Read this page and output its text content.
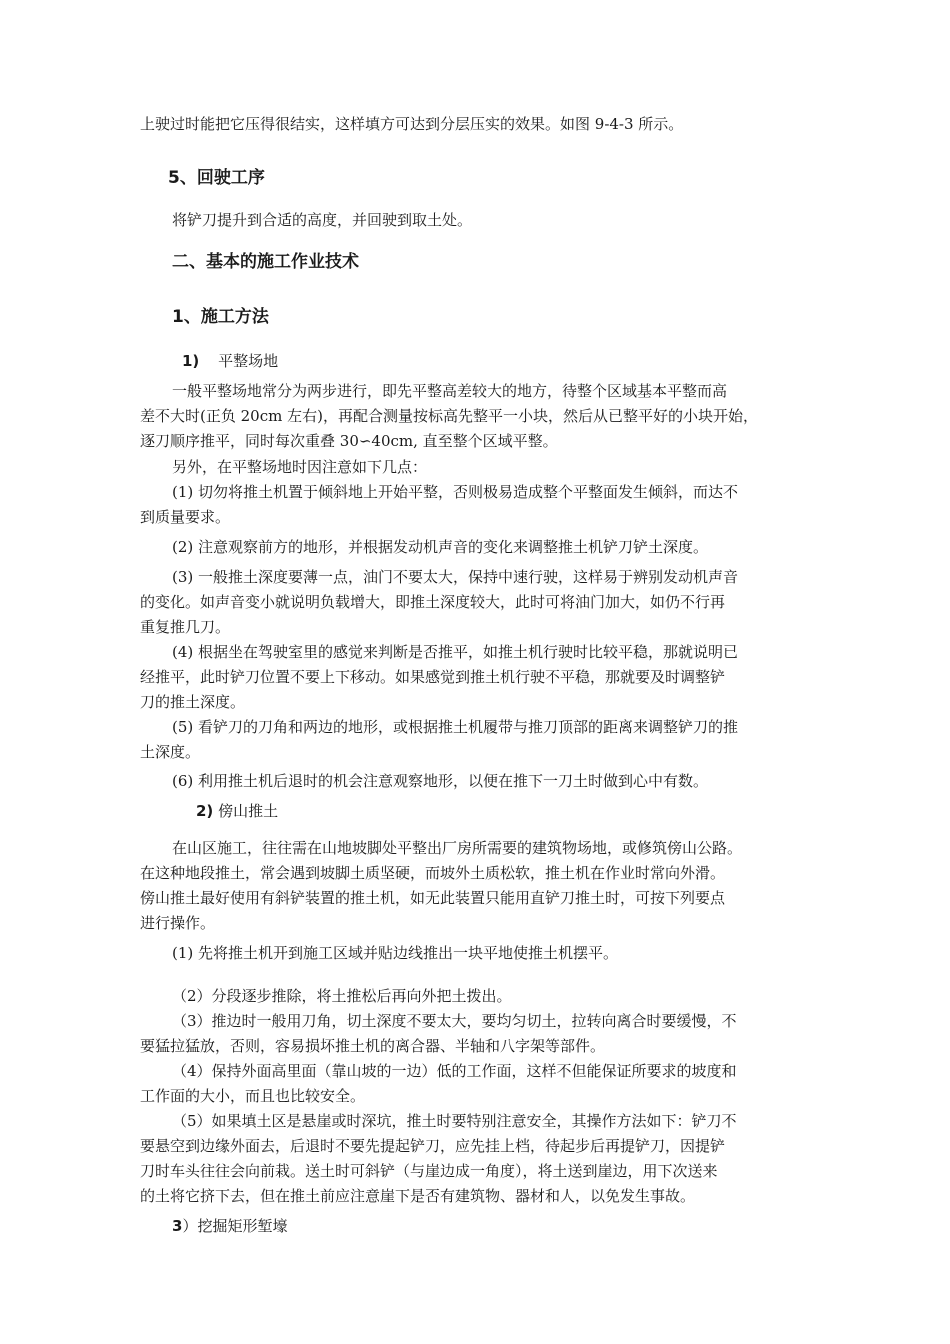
上驶过时能把它压得很结实，这样填方可达到分层压实的效果。如图 9-4-3 所示。
5、回驶工序
将铲刀提升到合适的高度，并回驶到取土处。
二、基本的施工作业技术
1、施工方法
1) 平整场地
一般平整场地常分为两步进行，即先平整高差较大的地方，待整个区域基本平整而高
差不大时(正负 20cm 左右)，再配合测量按标高先整平一小块，然后从已整平好的小块开始，
逐刀顺序推平，同时每次重叠 30∽40cm, 直至整个区域平整。
另外，在平整场地时因注意如下几点：
(1) 切勿将推土机置于倾斜地上开始平整，否则极易造成整个平整面发生倾斜，而达不
到质量要求。
(2) 注意观察前方的地形，并根据发动机声音的变化来调整推土机铲刀铲土深度。
(3) 一般推土深度要薄一点，油门不要太大，保持中速行驶，这样易于辨别发动机声音
的变化。如声音变小就说明负载增大，即推土深度较大，此时可将油门加大，如仍不行再
重复推几刀。
(4) 根据坐在驾驶室里的感觉来判断是否推平，如推土机行驶时比较平稳，那就说明已
经推平，此时铲刀位置不要上下移动。如果感觉到推土机行驶不平稳，那就要及时调整铲
刀的推土深度。
(5) 看铲刀的刀角和两边的地形，或根据推土机履带与推刀顶部的距离来调整铲刀的推
土深度。
(6) 利用推土机后退时的机会注意观察地形，以便在推下一刀土时做到心中有数。
2) 傍山推土
在山区施工，往往需在山地坡脚处平整出厂房所需要的建筑物场地，或修筑傍山公路。
在这种地段推土，常会遇到坡脚土质坚硬，而坡外土质松软，推土机在作业时常向外滑。
傍山推土最好使用有斜铲装置的推土机，如无此装置只能用直铲刀推土时，可按下列要点
进行操作。
(1) 先将推土机开到施工区域并贴边线推出一块平地使推土机摆平。
（2）分段逐步推除，将土推松后再向外把土拨出。
（3）推边时一般用刀角，切土深度不要太大，要均匀切土，拉转向离合时要缓慢，不
要猛拉猛放，否则，容易损坏推土机的离合器、半轴和八字架等部件。
（4）保持外面高里面（靠山坡的一边）低的工作面，这样不但能保证所要求的坡度和
工作面的大小，而且也比较安全。
（5）如果填土区是悬崖或时深坑，推土时要特别注意安全，其操作方法如下：铲刀不
要悬空到边缘外面去，后退时不要先提起铲刀，应先挂上档，待起步后再提铲刀，因提铲
刀时车头往往会向前栽。送土时可斜铲（与崖边成一角度），将土送到崖边，用下次送来
的土将它挤下去，但在推土前应注意崖下是否有建筑物、器材和人，以免发生事故。
3）挖掘矩形堑壕
